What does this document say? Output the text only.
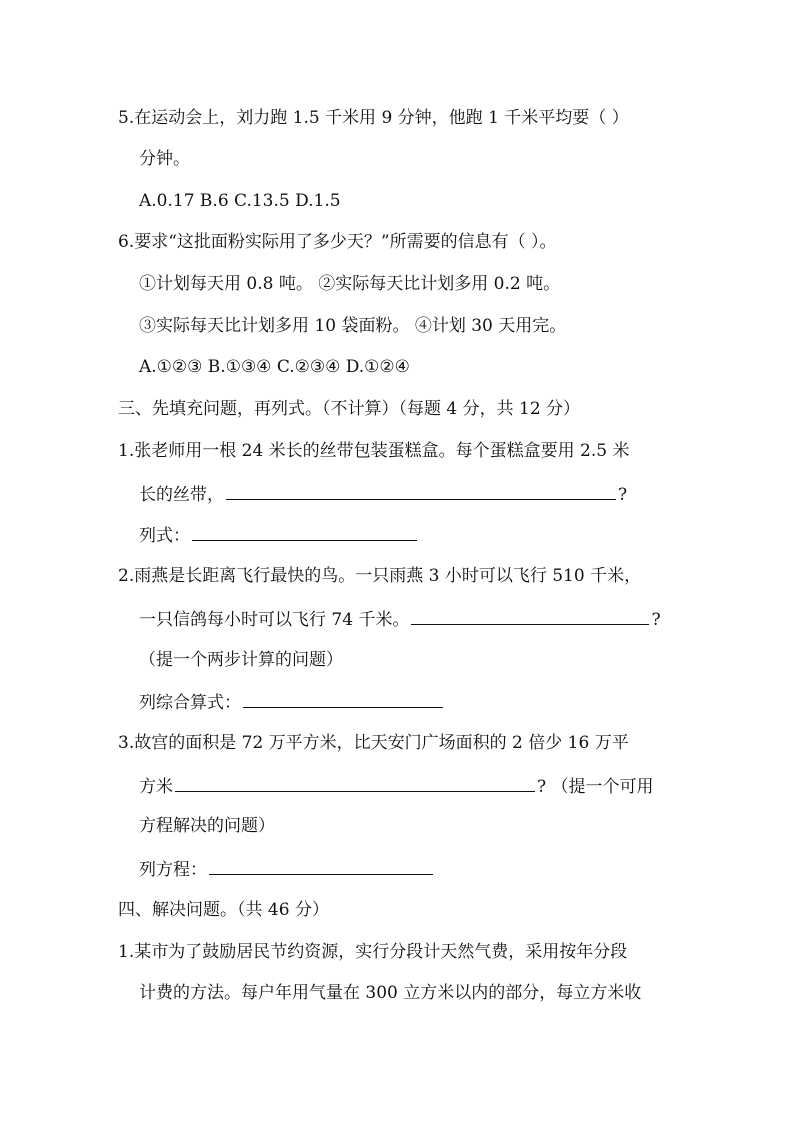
5.在运动会上，刘力跑 1.5 千米用 9 分钟，他跑 1 千米平均要（ ）
分钟。
A.0.17 B.6 C.13.5 D.1.5
6.要求“这批面粉实际用了多少天？”所需要的信息有（ ）。
①计划每天用 0.8 吨。 ②实际每天比计划多用 0.2 吨。
③实际每天比计划多用 10 袋面粉。 ④计划 30 天用完。
A.①②③ B.①③④ C.②③④ D.①②④
三、先填充问题，再列式。（不计算）（每题 4 分，共 12 分）
1.张老师用一根 24 米长的丝带包装蛋糕盒。每个蛋糕盒要用 2.5 米
长的丝带，	?
列式：
2.雨燕是长距离飞行最快的鸟。一只雨燕 3 小时可以飞行 510 千米，
一只信鸽每小时可以飞行 74 千米。	?
（提一个两步计算的问题）
列综合算式：
3.故宫的面积是 72 万平方米，比天安门广场面积的 2 倍少 16 万平
方米	? （提一个可用
方程解决的问题）
列方程：
四、解决问题。（共 46 分）
1.某市为了鼓励居民节约资源，实行分段计天然气费，采用按年分段
计费的方法。每户年用气量在 300 立方米以内的部分，每立方米收
